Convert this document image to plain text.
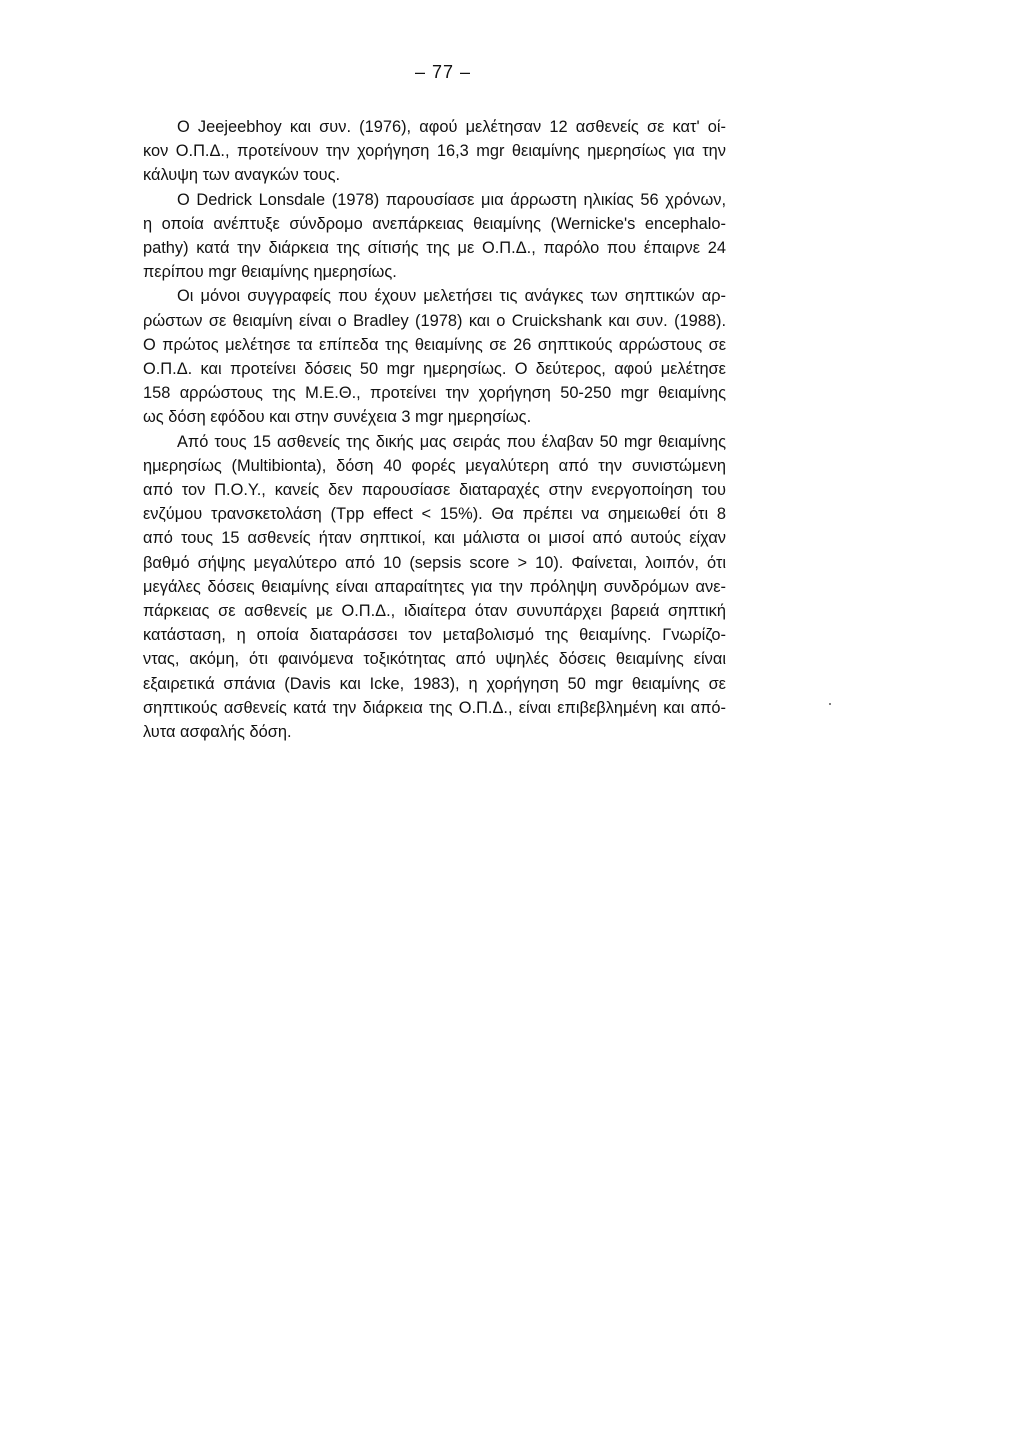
– 77 –

Ο Jeejeebhoy και συν. (1976), αφού μελέτησαν 12 ασθενείς σε κατ' οί-
κον Ο.Π.Δ., προτείνουν την χορήγηση 16,3 mgr θειαμίνης ημερησίως για την
κάλυψη των αναγκών τους.

Ο Dedrick Lonsdale (1978) παρουσίασε μια άρρωστη ηλικίας 56 χρόνων,
η οποία ανέπτυξε σύνδρομο ανεπάρκειας θειαμίνης (Wernicke's encephalo-
pathy) κατά την διάρκεια της σίτισής της με Ο.Π.Δ., παρόλο που έπαιρνε 24
περίπου mgr θειαμίνης ημερησίως.

Οι μόνοι συγγραφείς που έχουν μελετήσει τις ανάγκες των σηπτικών αρ-
ρώστων σε θειαμίνη είναι ο Bradley (1978) και ο Cruickshank και συν. (1988).
Ο πρώτος μελέτησε τα επίπεδα της θειαμίνης σε 26 σηπτικούς αρρώστους σε
Ο.Π.Δ. και προτείνει δόσεις 50 mgr ημερησίως. Ο δεύτερος, αφού μελέτησε
158 αρρώστους της Μ.Ε.Θ., προτείνει την χορήγηση 50-250 mgr θειαμίνης
ως δόση εφόδου και στην συνέχεια 3 mgr ημερησίως.

Από τους 15 ασθενείς της δικής μας σειράς που έλαβαν 50 mgr θειαμίνης
ημερησίως (Multibionta), δόση 40 φορές μεγαλύτερη από την συνιστώμενη
από τον Π.Ο.Υ., κανείς δεν παρουσίασε διαταραχές στην ενεργοποίηση του
ενζύμου τρανσκετολάση (Tpp effect < 15%). Θα πρέπει να σημειωθεί ότι 8
από τους 15 ασθενείς ήταν σηπτικοί, και μάλιστα οι μισοί από αυτούς είχαν
βαθμό σήψης μεγαλύτερο από 10 (sepsis score > 10). Φαίνεται, λοιπόν, ότι
μεγάλες δόσεις θειαμίνης είναι απαραίτητες για την πρόληψη συνδρόμων ανε-
πάρκειας σε ασθενείς με Ο.Π.Δ., ιδιαίτερα όταν συνυπάρχει βαρειά σηπτική
κατάσταση, η οποία διαταράσσει τον μεταβολισμό της θειαμίνης. Γνωρίζο-
ντας, ακόμη, ότι φαινόμενα τοξικότητας από υψηλές δόσεις θειαμίνης είναι
εξαιρετικά σπάνια (Davis και Icke, 1983), η χορήγηση 50 mgr θειαμίνης σε
σηπτικούς ασθενείς κατά την διάρκεια της Ο.Π.Δ., είναι επιβεβλημένη και από-
λυτα ασφαλής δόση.
